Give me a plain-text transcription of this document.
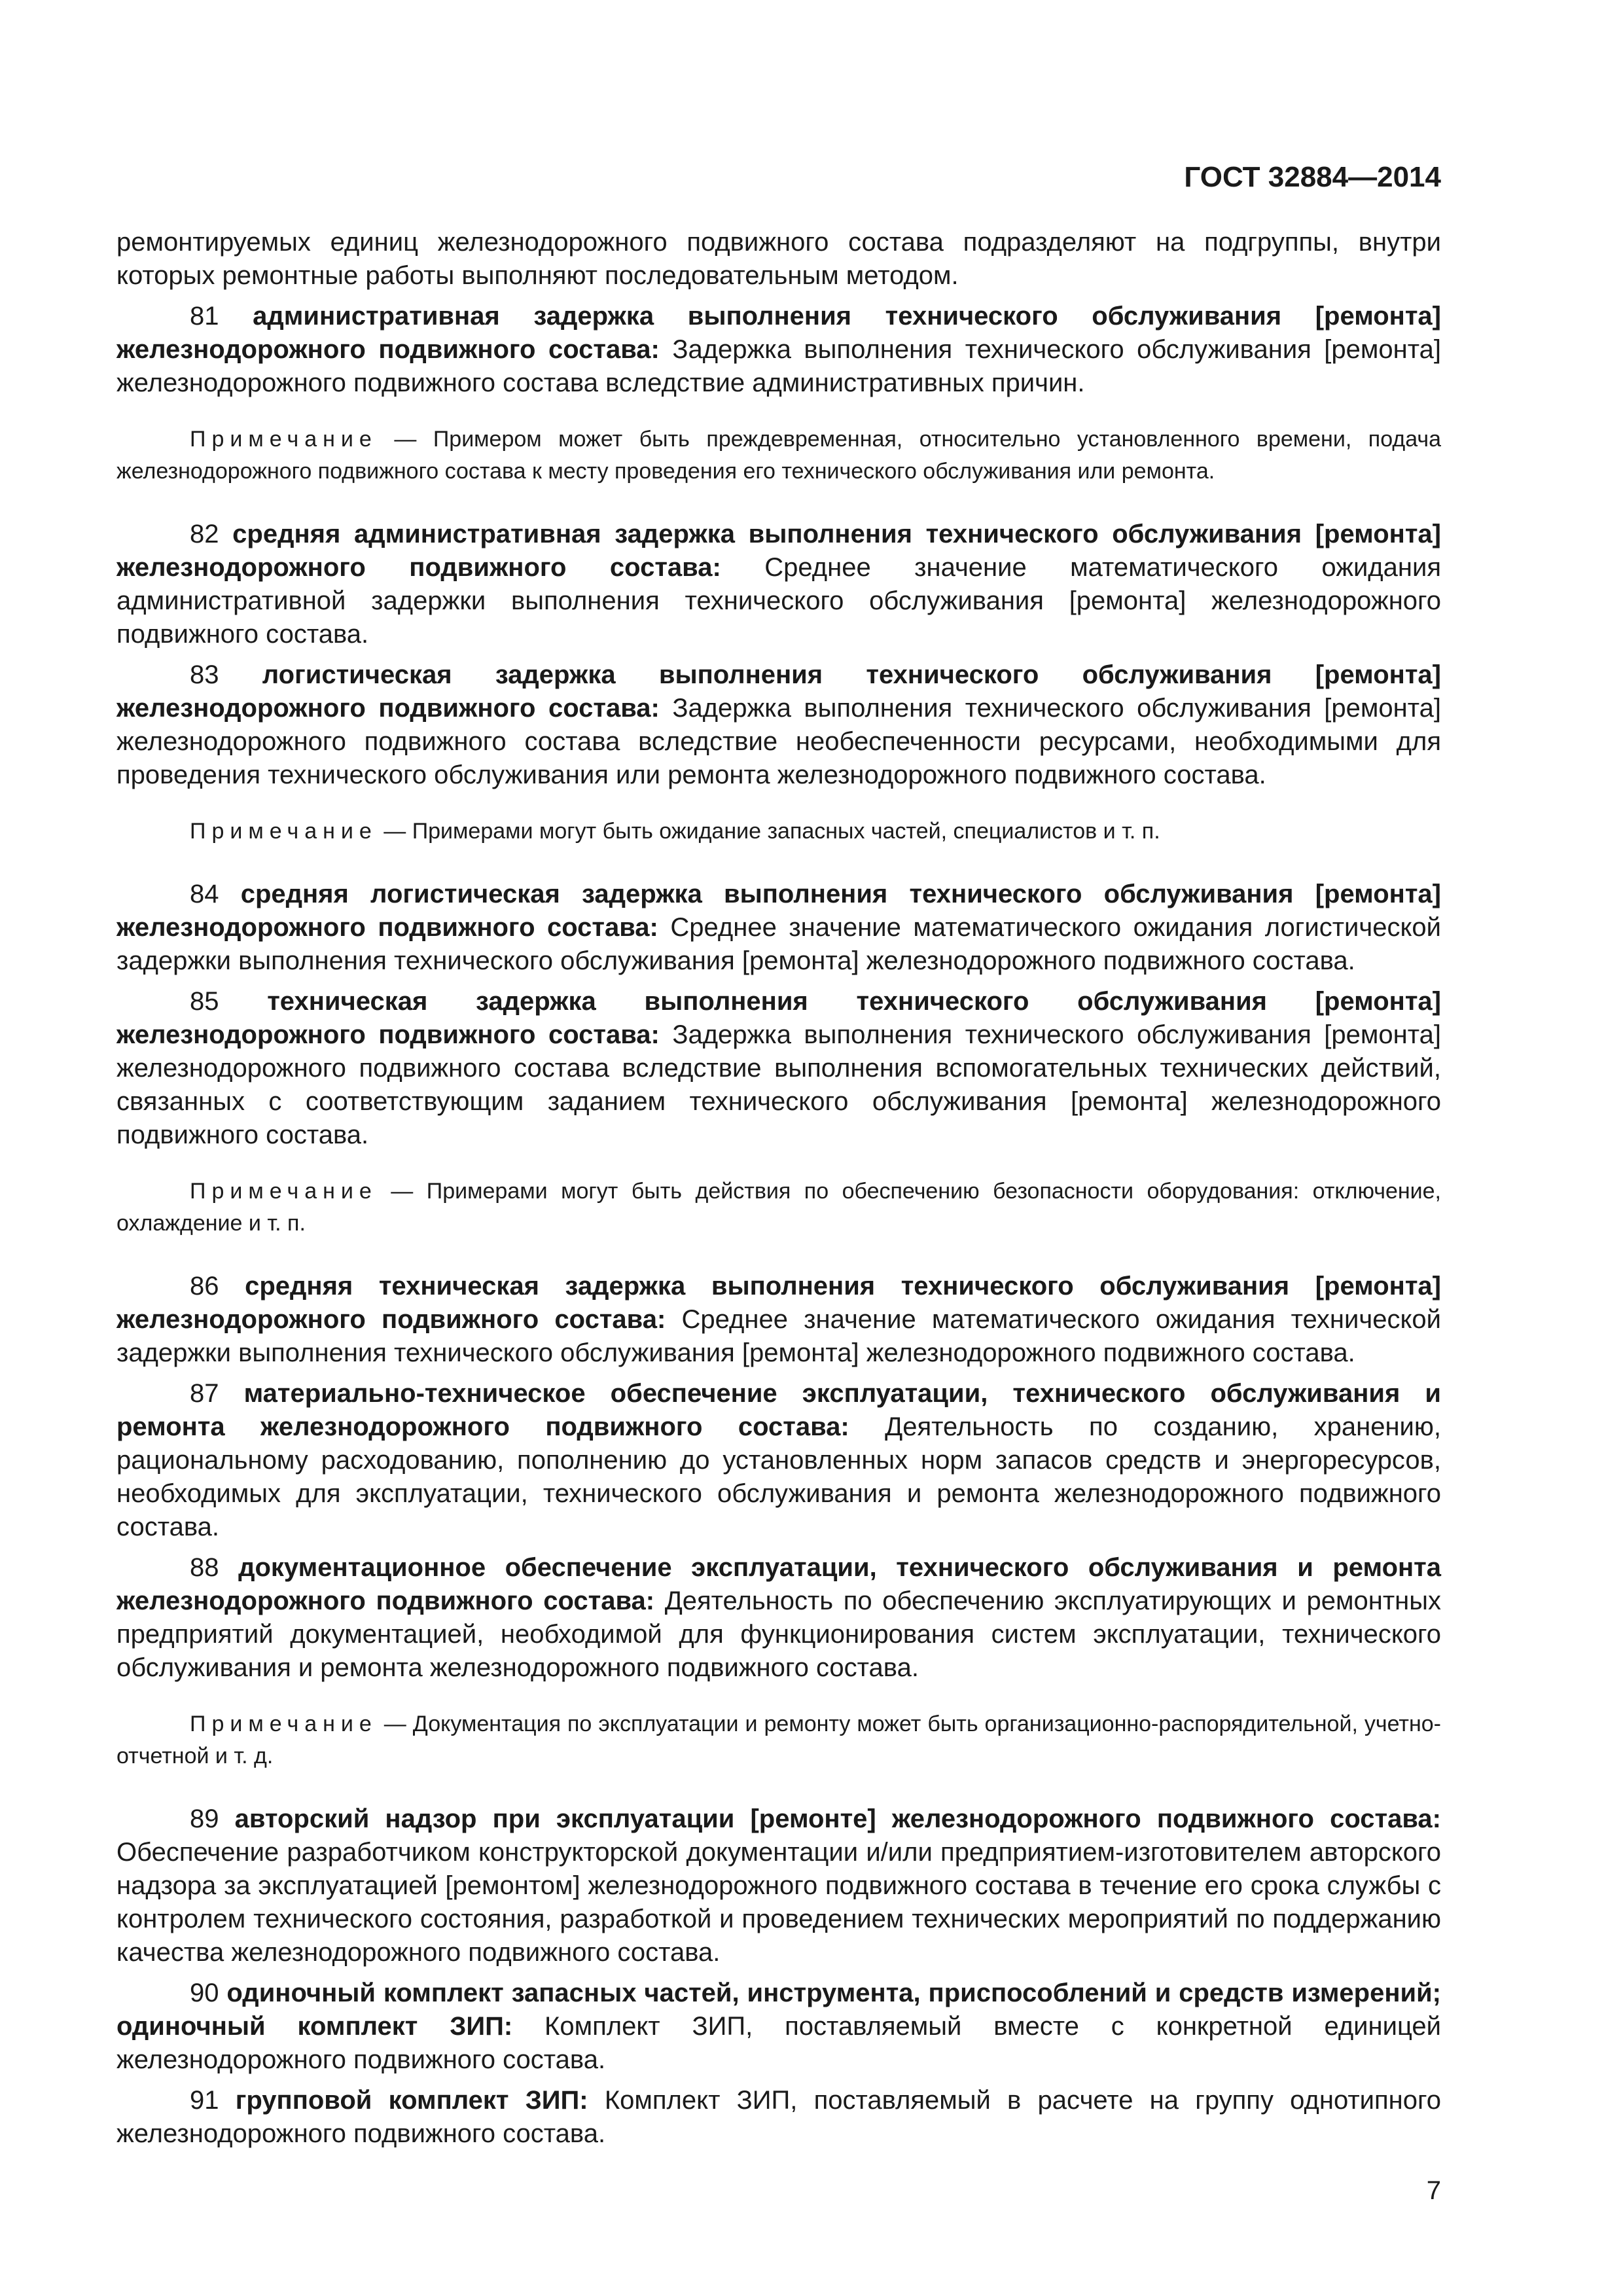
ГОСТ 32884—2014
ремонтируемых единиц железнодорожного подвижного состава подразделяют на подгруппы, внутри которых ремонтные работы выполняют последовательным методом.
81 административная задержка выполнения технического обслуживания [ремонта] железнодорожного подвижного состава: Задержка выполнения технического обслуживания [ремонта] железнодорожного подвижного состава вследствие административных причин.
Примечание — Примером может быть преждевременная, относительно установленного времени, подача железнодорожного подвижного состава к месту проведения его технического обслуживания или ремонта.
82 средняя административная задержка выполнения технического обслуживания [ремонта] железнодорожного подвижного состава: Среднее значение математического ожидания административной задержки выполнения технического обслуживания [ремонта] железнодорожного подвижного состава.
83 логистическая задержка выполнения технического обслуживания [ремонта] железнодорожного подвижного состава: Задержка выполнения технического обслуживания [ремонта] железнодорожного подвижного состава вследствие необеспеченности ресурсами, необходимыми для проведения технического обслуживания или ремонта железнодорожного подвижного состава.
Примечание — Примерами могут быть ожидание запасных частей, специалистов и т. п.
84 средняя логистическая задержка выполнения технического обслуживания [ремонта] железнодорожного подвижного состава: Среднее значение математического ожидания логистической задержки выполнения технического обслуживания [ремонта] железнодорожного подвижного состава.
85 техническая задержка выполнения технического обслуживания [ремонта] железнодорожного подвижного состава: Задержка выполнения технического обслуживания [ремонта] железнодорожного подвижного состава вследствие выполнения вспомогательных технических действий, связанных с соответствующим заданием технического обслуживания [ремонта] железнодорожного подвижного состава.
Примечание — Примерами могут быть действия по обеспечению безопасности оборудования: отключение, охлаждение и т. п.
86 средняя техническая задержка выполнения технического обслуживания [ремонта] железнодорожного подвижного состава: Среднее значение математического ожидания технической задержки выполнения технического обслуживания [ремонта] железнодорожного подвижного состава.
87 материально-техническое обеспечение эксплуатации, технического обслуживания и ремонта железнодорожного подвижного состава: Деятельность по созданию, хранению, рациональному расходованию, пополнению до установленных норм запасов средств и энергоресурсов, необходимых для эксплуатации, технического обслуживания и ремонта железнодорожного подвижного состава.
88 документационное обеспечение эксплуатации, технического обслуживания и ремонта железнодорожного подвижного состава: Деятельность по обеспечению эксплуатирующих и ремонтных предприятий документацией, необходимой для функционирования систем эксплуатации, технического обслуживания и ремонта железнодорожного подвижного состава.
Примечание — Документация по эксплуатации и ремонту может быть организационно-распорядительной, учетно-отчетной и т. д.
89 авторский надзор при эксплуатации [ремонте] железнодорожного подвижного состава: Обеспечение разработчиком конструкторской документации и/или предприятием-изготовителем авторского надзора за эксплуатацией [ремонтом] железнодорожного подвижного состава в течение его срока службы с контролем технического состояния, разработкой и проведением технических мероприятий по поддержанию качества железнодорожного подвижного состава.
90 одиночный комплект запасных частей, инструмента, приспособлений и средств измерений; одиночный комплект ЗИП: Комплект ЗИП, поставляемый вместе с конкретной единицей железнодорожного подвижного состава.
91 групповой комплект ЗИП: Комплект ЗИП, поставляемый в расчете на группу однотипного железнодорожного подвижного состава.
7
